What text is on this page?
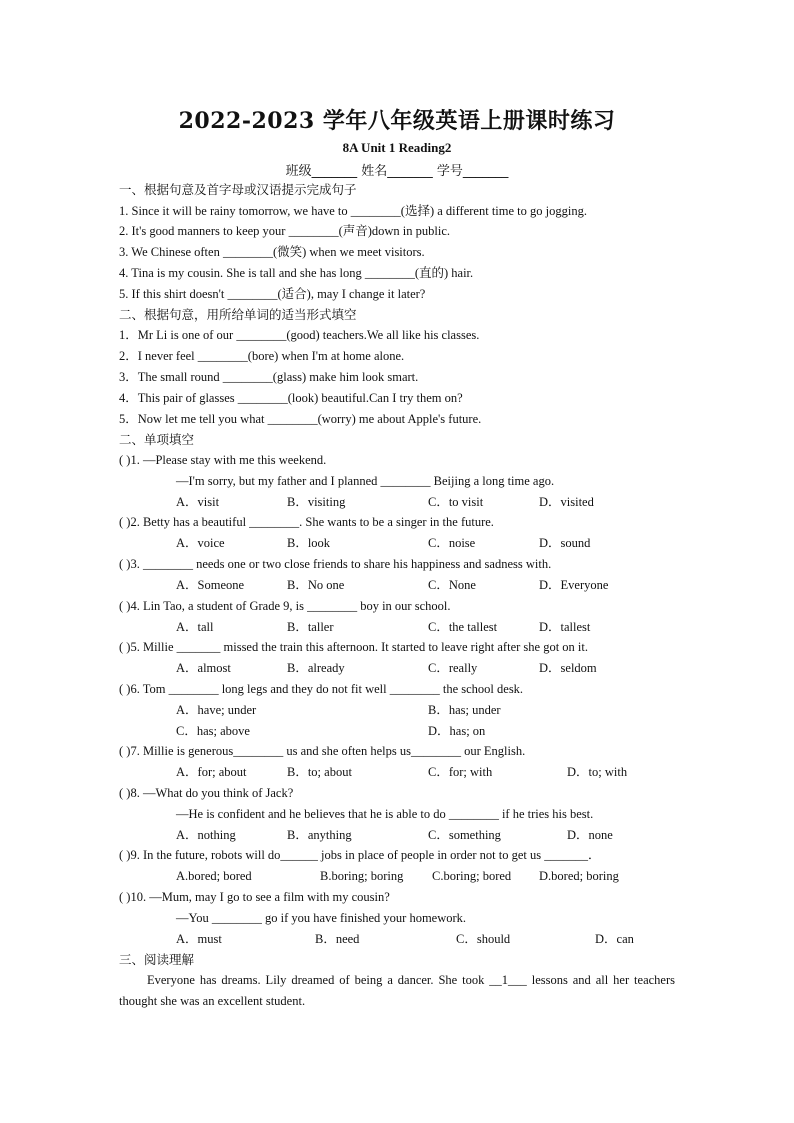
2022-2023 学年八年级英语上册课时练习
8A Unit 1 Reading2
班级_______ 姓名_______ 学号_______
一、根据句意及首字母或汉语提示完成句子
1. Since it will be rainy tomorrow, we have to ________(选择) a different time to go jogging.
2. It's good manners to keep your ________(声音)down in public.
3. We Chinese often ________(微笑) when we meet visitors.
4. Tina is my cousin. She is tall and she has long ________(直的) hair.
5. If this shirt doesn't ________(适合), may I change it later?
二、根据句意，用所给单词的适当形式填空
1．Mr Li is one of our ________(good) teachers.We all like his classes.
2．I never feel ________(bore) when I'm at home alone.
3．The small round ________(glass) make him look smart.
4．This pair of glasses ________(look) beautiful.Can I try them on?
5．Now let me tell you what ________(worry) me about Apple's future.
二、单项填空
( )1. —Please stay with me this weekend.
—I'm sorry, but my father and I planned ________ Beijing a long time ago.
A．visit	B．visiting	C．to visit	D．visited
( )2. Betty has a beautiful ________. She wants to be a singer in the future.
A．voice	B．look	C．noise	D．sound
( )3. ________ needs one or two close friends to share his happiness and sadness with.
A．Someone	B．No one	C．None	D．Everyone
( )4. Lin Tao, a student of Grade 9, is ________ boy in our school.
A．tall	B．taller	C．the tallest	D．tallest
( )5. Millie _______ missed the train this afternoon. It started to leave right after she got on it.
A．almost	B．already	C．really	D．seldom
( )6. Tom ________ long legs and they do not fit well ________ the school desk.
A．have; under	B．has; under
C．has; above	D．has; on
( )7. Millie is generous________ us and she often helps us________ our English.
A．for; about	B．to; about	C．for; with	D．to; with
( )8. —What do you think of Jack?
—He is confident and he believes that he is able to do ________ if he tries his best.
A．nothing	B．anything	C．something	D．none
( )9. In the future, robots will do______ jobs in place of people in order not to get us _______．
A.bored; bored	B.boring; boring C.boring; bored D.bored; boring
( )10. —Mum, may I go to see a film with my cousin?
—You ________ go if you have finished your homework.
A．must	B．need	C．should	D．can
三、阅读理解
Everyone has dreams. Lily dreamed of being a dancer. She took __1___ lessons and all her teachers thought she was an excellent student.
